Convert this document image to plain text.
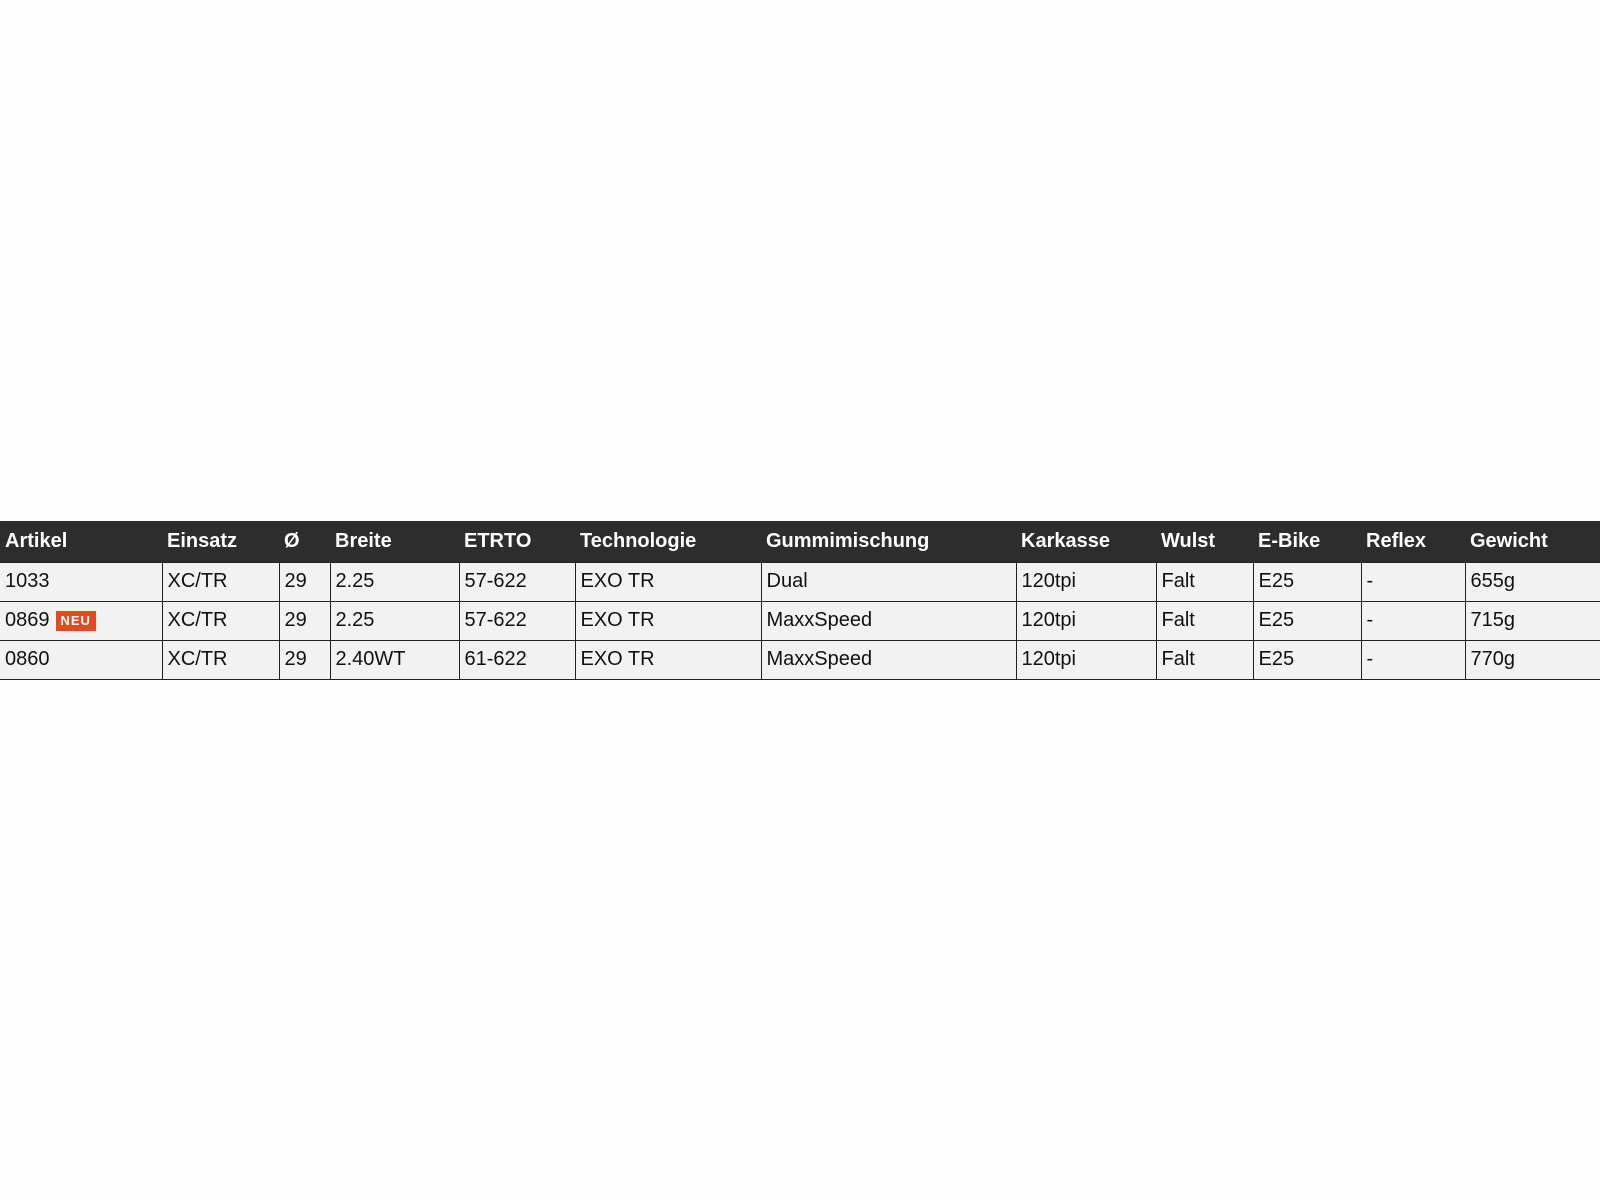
Artikel	Einsatz	Ø	Breite	ETRTO	Technologie	Gummimischung	Karkasse	Wulst	E-Bike	Reflex	Gewicht
1033	XC/TR	29	2.25	57-622	EXO TR	Dual	120tpi	Falt	E25	-	655g
0869 NEU	XC/TR	29	2.25	57-622	EXO TR	MaxxSpeed	120tpi	Falt	E25	-	715g
0860	XC/TR	29	2.40WT	61-622	EXO TR	MaxxSpeed	120tpi	Falt	E25	-	770g
